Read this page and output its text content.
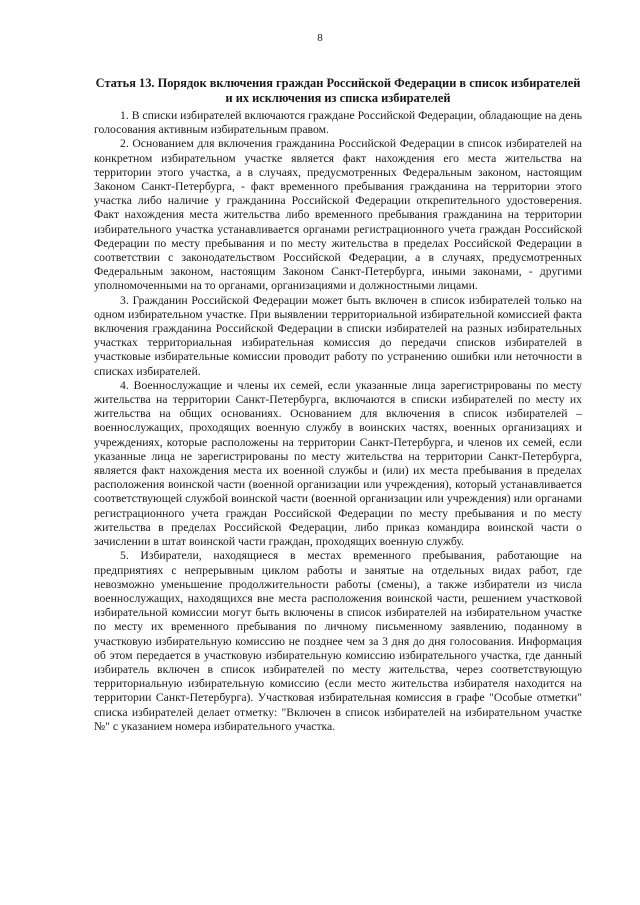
8
Статья 13. Порядок включения граждан Российской Федерации в список избирателей и их исключения из списка избирателей

1. В списки избирателей включаются граждане Российской Федерации, обладающие на день голосования активным избирательным правом.

2. Основанием для включения гражданина Российской Федерации в список избирателей на конкретном избирательном участке является факт нахождения его места жительства на территории этого участка, а в случаях, предусмотренных Федеральным законом, настоящим Законом Санкт-Петербурга, - факт временного пребывания гражданина на территории этого участка либо наличие у гражданина Российской Федерации открепительного удостоверения. Факт нахождения места жительства либо временного пребывания гражданина на территории избирательного участка устанавливается органами регистрационного учета граждан Российской Федерации по месту пребывания и по месту жительства в пределах Российской Федерации в соответствии с законодательством Российской Федерации, а в случаях, предусмотренных Федеральным законом, настоящим Законом Санкт-Петербурга, иными законами, - другими уполномоченными на то органами, организациями и должностными лицами.

3. Гражданин Российской Федерации может быть включен в список избирателей только на одном избирательном участке. При выявлении территориальной избирательной комиссией факта включения гражданина Российской Федерации в списки избирателей на разных избирательных участках территориальная избирательная комиссия до передачи списков избирателей в участковые избирательные комиссии проводит работу по устранению ошибки или неточности в списках избирателей.

4. Военнослужащие и члены их семей, если указанные лица зарегистрированы по месту жительства на территории Санкт-Петербурга, включаются в списки избирателей по месту их жительства на общих основаниях. Основанием для включения в список избирателей – военнослужащих, проходящих военную службу в воинских частях, военных организациях и учреждениях, которые расположены на территории Санкт-Петербурга, и членов их семей, если указанные лица не зарегистрированы по месту жительства на территории Санкт-Петербурга, является факт нахождения места их военной службы и (или) их места пребывания в пределах расположения воинской части (военной организации или учреждения), который устанавливается соответствующей службой воинской части (военной организации или учреждения) или органами регистрационного учета граждан Российской Федерации по месту пребывания и по месту жительства в пределах Российской Федерации, либо приказ командира воинской части о зачислении в штат воинской части граждан, проходящих военную службу.

5. Избиратели, находящиеся в местах временного пребывания, работающие на предприятиях с непрерывным циклом работы и занятые на отдельных видах работ, где невозможно уменьшение продолжительности работы (смены), а также избиратели из числа военнослужащих, находящихся вне места расположения воинской части, решением участковой избирательной комиссии могут быть включены в список избирателей на избирательном участке по месту их временного пребывания по личному письменному заявлению, поданному в участковую избирательную комиссию не позднее чем за 3 дня до дня голосования. Информация об этом передается в участковую избирательную комиссию избирательного участка, где данный избиратель включен в список избирателей по месту жительства, через соответствующую территориальную избирательную комиссию (если место жительства избирателя находится на территории Санкт-Петербурга). Участковая избирательная комиссия в графе "Особые отметки" списка избирателей делает отметку: "Включен в список избирателей на избирательном участке №" с указанием номера избирательного участка.
